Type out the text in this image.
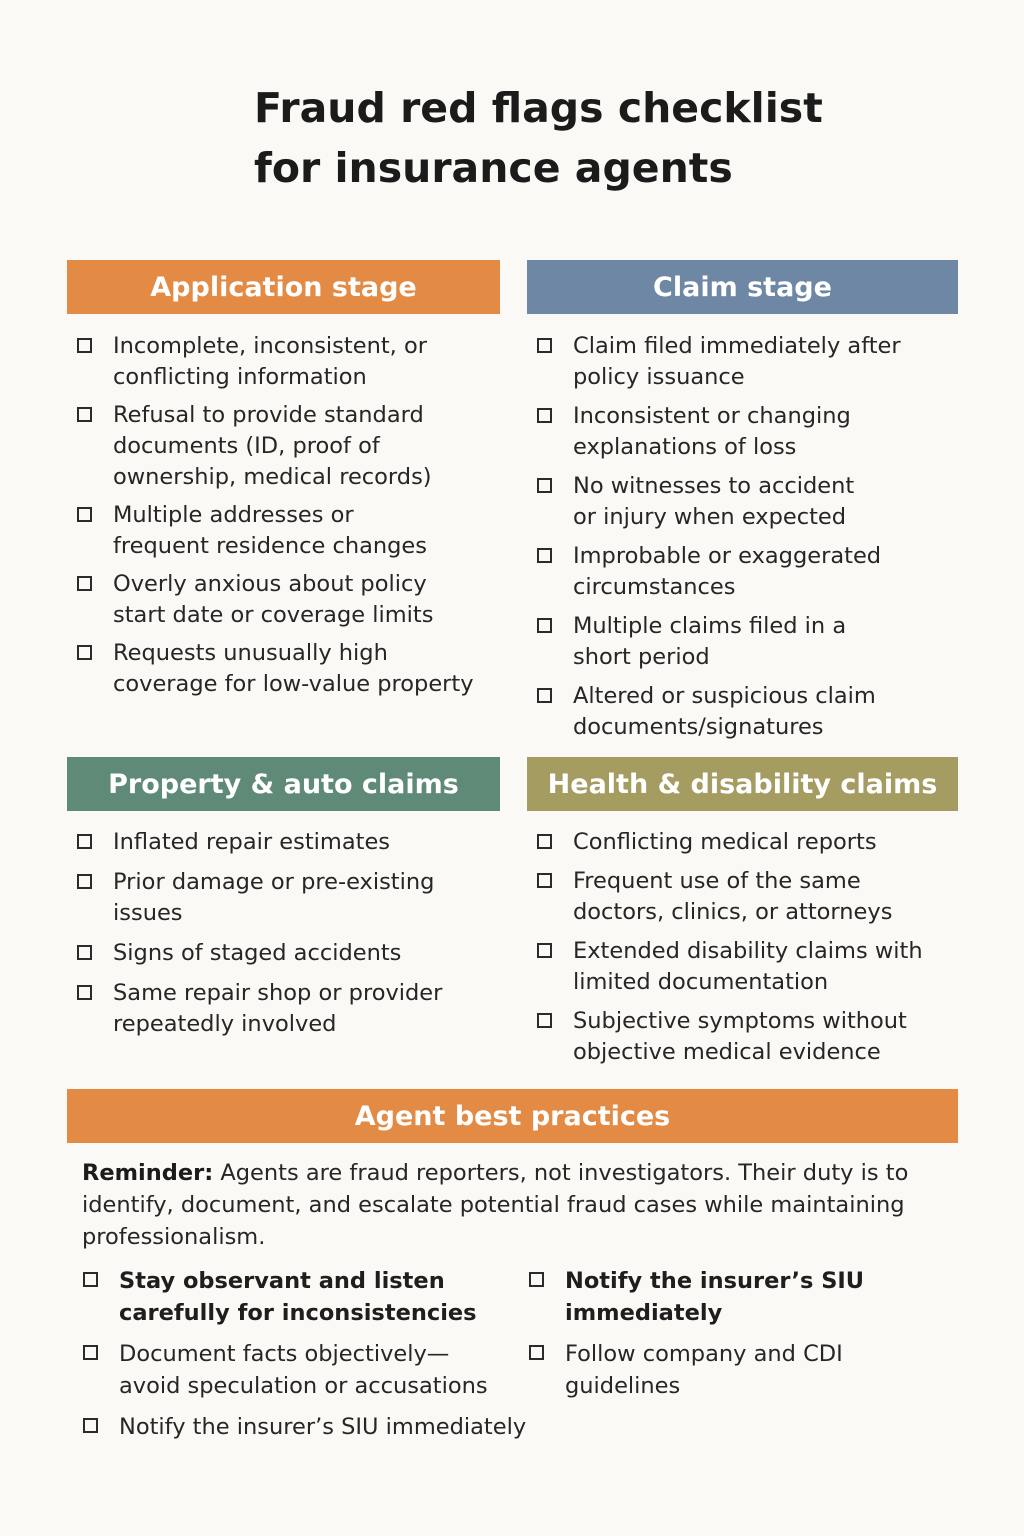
Fraud red flags checklist
for insurance agents
Application stage
Incomplete, inconsistent, or
conflicting information
Refusal to provide standard
documents (ID, proof of
ownership, medical records)
Multiple addresses or
frequent residence changes
Overly anxious about policy
start date or coverage limits
Requests unusually high
coverage for low-value property
Claim stage
Claim filed immediately after
policy issuance
Inconsistent or changing
explanations of loss
No witnesses to accident
or injury when expected
Improbable or exaggerated
circumstances
Multiple claims filed in a
short period
Altered or suspicious claim
documents/signatures
Property & auto claims
Inflated repair estimates
Prior damage or pre-existing
issues
Signs of staged accidents
Same repair shop or provider
repeatedly involved
Health & disability claims
Conflicting medical reports
Frequent use of the same
doctors, clinics, or attorneys
Extended disability claims with
limited documentation
Subjective symptoms without
objective medical evidence
Agent best practices
Reminder: Agents are fraud reporters, not investigators. Their duty is to
identify, document, and escalate potential fraud cases while maintaining
professionalism.
Stay observant and listen
carefully for inconsistencies
Document facts objectively—
avoid speculation or accusations
Notify the insurer’s SIU immediately
Notify the insurer’s SIU
immediately
Follow company and CDI
guidelines
